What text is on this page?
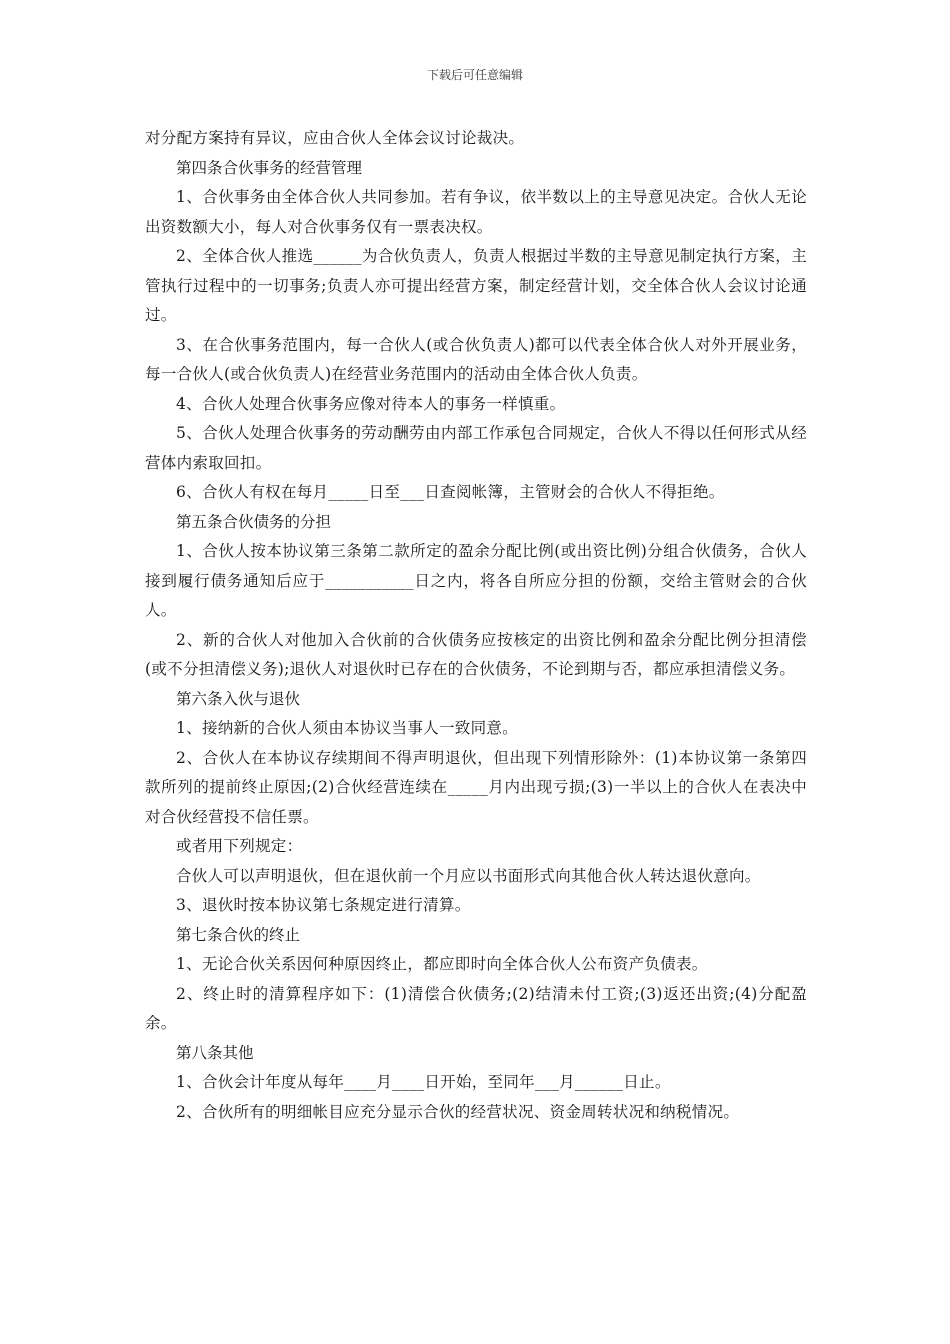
下载后可任意编辑

对分配方案持有异议，应由合伙人全体会议讨论裁决。

第四条合伙事务的经营管理

1、合伙事务由全体合伙人共同参加。若有争议，依半数以上的主导意见决定。合伙人无论出资数额大小，每人对合伙事务仅有一票表决权。

2、全体合伙人推选______为合伙负责人，负责人根据过半数的主导意见制定执行方案，主管执行过程中的一切事务;负责人亦可提出经营方案，制定经营计划，交全体合伙人会议讨论通过。

3、在合伙事务范围内，每一合伙人(或合伙负责人)都可以代表全体合伙人对外开展业务，每一合伙人(或合伙负责人)在经营业务范围内的活动由全体合伙人负责。

4、合伙人处理合伙事务应像对待本人的事务一样慎重。

5、合伙人处理合伙事务的劳动酬劳由内部工作承包合同规定，合伙人不得以任何形式从经营体内索取回扣。

6、合伙人有权在每月_____日至___日查阅帐簿，主管财会的合伙人不得拒绝。

第五条合伙债务的分担

1、合伙人按本协议第三条第二款所定的盈余分配比例(或出资比例)分组合伙债务，合伙人接到履行债务通知后应于___________日之内，将各自所应分担的份额，交给主管财会的合伙人。

2、新的合伙人对他加入合伙前的合伙债务应按核定的出资比例和盈余分配比例分担清偿(或不分担清偿义务);退伙人对退伙时已存在的合伙债务，不论到期与否，都应承担清偿义务。

第六条入伙与退伙

1、接纳新的合伙人须由本协议当事人一致同意。

2、合伙人在本协议存续期间不得声明退伙，但出现下列情形除外：(1)本协议第一条第四款所列的提前终止原因;(2)合伙经营连续在_____月内出现亏损;(3)一半以上的合伙人在表决中对合伙经营投不信任票。

或者用下列规定：

合伙人可以声明退伙，但在退伙前一个月应以书面形式向其他合伙人转达退伙意向。

3、退伙时按本协议第七条规定进行清算。

第七条合伙的终止

1、无论合伙关系因何种原因终止，都应即时向全体合伙人公布资产负债表。

2、终止时的清算程序如下：(1)清偿合伙债务;(2)结清未付工资;(3)返还出资;(4)分配盈余。

第八条其他

1、合伙会计年度从每年____月____日开始，至同年___月______日止。

2、合伙所有的明细帐目应充分显示合伙的经营状况、资金周转状况和纳税情况。
